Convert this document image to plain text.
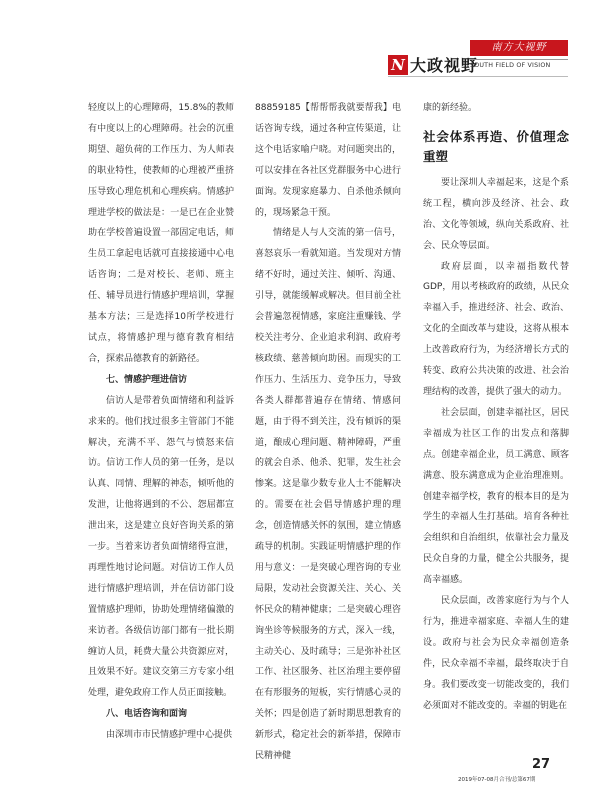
N 大政视野
南方大视野
SOUTH FIELD OF VISION

轻度以上的心理障碍，15.8%的教师有中度以上的心理障碍。社会的沉重期望、超负荷的工作压力、为人师表的职业特性，使教师的心理被严重挤压导致心理危机和心理疾病。情感护理进学校的做法是：一是已在企业赞助在学校普遍设置一部固定电话，师生员工拿起电话就可直接接通中心电话咨询；二是对校长、老师、班主任、辅导员进行情感护理培训，掌握基本方法；三是选择10所学校进行试点，将情感护理与德育教育相结合，探索品德教育的新路径。

七、情感护理进信访

信访人是带着负面情绪和利益诉求来的。他们找过很多主管部门不能解决，充满不平、怨气与愤怒来信访。信访工作人员的第一任务，是以认真、同情、理解的神态，倾听他的发泄，让他将遇到的不公、怨屈都宣泄出来，这是建立良好咨询关系的第一步。当着来访者负面情绪得宣泄，再理性地讨论问题。对信访工作人员进行情感护理培训，并在信访部门设置情感护理师，协助处理情绪偏激的来访者。各级信访部门都有一批长期缠访人员，耗费大量公共资源应对，且效果不好。建议交第三方专家小组处理，避免政府工作人员正面接触。

八、电话咨询和面询

由深圳市市民情感护理中心提供

88859185【帮帮帮我就要帮我】电话咨询专线，通过各种宣传渠道，让这个电话家喻户晓。对问题突出的，可以安排在各社区党群服务中心进行面询。发现家庭暴力、自杀他杀倾向的，现场紧急干预。

情绪是人与人交流的第一信号，喜怒哀乐一看就知道。当发现对方情绪不好时，通过关注、倾听、沟通、引导，就能缓解或解决。但目前全社会普遍忽视情感，家庭注重赚钱、学校关注考分、企业追求利润、政府考核政绩、慈善倾向助困。而现实的工作压力、生活压力、竞争压力，导致各类人群都普遍存在情绪、情感问题，由于得不到关注，没有倾诉的渠道，酿成心理问题、精神障碍，严重的就会自杀、他杀、犯罪，发生社会惨案。这是靠少数专业人士不能解决的。需要在社会倡导情感护理的理念，创造情感关怀的氛围，建立情感疏导的机制。实践证明情感护理的作用与意义：一是突破心理咨询的专业局限，发动社会资源关注、关心、关怀民众的精神健康；二是突破心理咨询坐诊等候服务的方式，深入一线，主动关心、及时疏导；三是弥补社区工作、社区服务、社区治理主要停留在有形服务的短板，实行情感心灵的关怀；四是创造了新时期思想教育的新形式，稳定社会的新举措，保障市民精神健

康的新经验。

社会体系再造、价值理念重塑

要让深圳人幸福起来，这是个系统工程，横向涉及经济、社会、政治、文化等领域，纵向关系政府、社会、民众等层面。

政府层面，以幸福指数代替GDP，用以考核政府的政绩，从民众幸福入手，推进经济、社会、政治、文化的全面改革与建设，这将从根本上改善政府行为，为经济增长方式的转变、政府公共决策的改进、社会治理结构的改善，提供了强大的动力。

社会层面，创建幸福社区，居民幸福成为社区工作的出发点和落脚点。创建幸福企业，员工满意、顾客满意、股东满意成为企业治理准则。创建幸福学校，教育的根本目的是为学生的幸福人生打基础。培育各种社会组织和自治组织，依靠社会力量及民众自身的力量，健全公共服务，提高幸福感。

民众层面，改善家庭行为与个人行为，推进幸福家庭、幸福人生的建设。政府与社会为民众幸福创造条件，民众幸福不幸福，最终取决于自身。我们要改变一切能改变的，我们必须面对不能改变的。幸福的钥匙在

27
2019年07-08月合刊/总第67期
